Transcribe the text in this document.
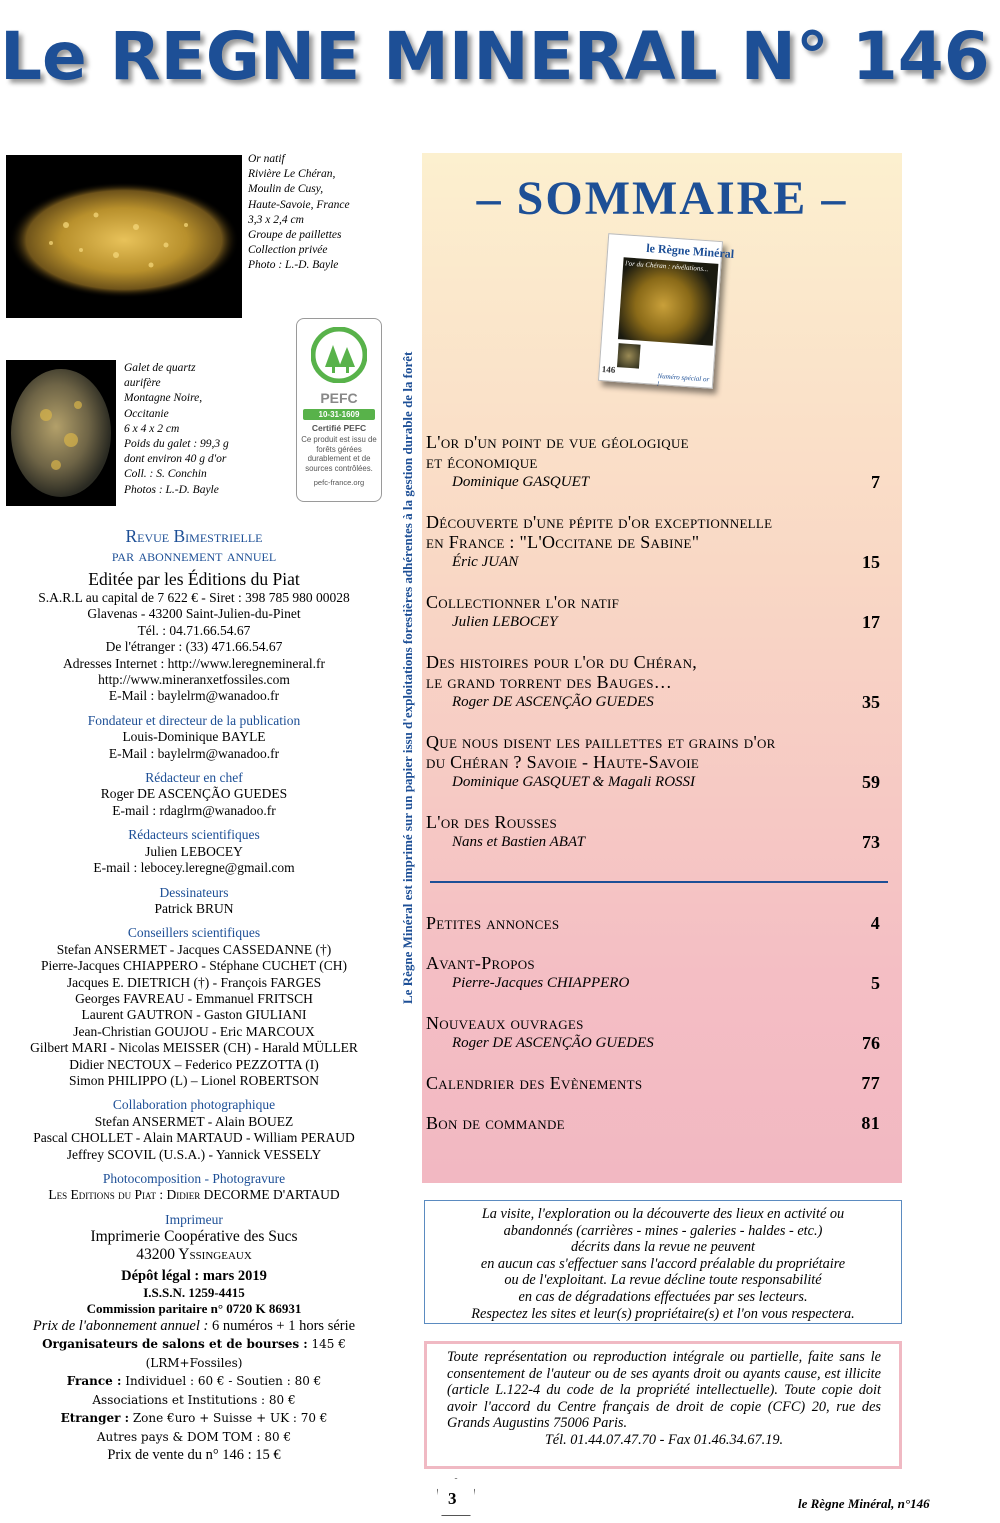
Le REGNE MINERAL N° 146
Or natif
Rivière Le Chéran,
Moulin de Cusy,
Haute-Savoie, France
3,3 x 2,4 cm
Groupe de paillettes
Collection privée
Photo : L.-D. Bayle
Galet de quartz
aurifère
Montagne Noire,
Occitanie
6 x 4 x 2 cm
Poids du galet : 99,3 g
dont environ 40 g d'or
Coll. : S. Conchin
Photos : L.-D. Bayle
PEFC
10-31-1609
Certifié PEFC
Ce produit est issu de forêts gérées durablement et de sources contrôlées.
pefc-france.org	Le Règne Minéral est imprimé sur un papier issu d'exploitations forestières adhérentes à la gestion durable de la forêt
Revue Bimestrielle
par abonnement annuel
Editée par les Éditions du Piat
S.A.R.L au capital de 7 622 € - Siret : 398 785 980 00028
Glavenas - 43200 Saint-Julien-du-Pinet
Tél. : 04.71.66.54.67
De l'étranger : (33) 471.66.54.67
Adresses Internet : http://www.leregnemineral.fr
http://www.mineranxetfossiles.com
E-Mail : baylelrm@wanadoo.fr
Fondateur et directeur de la publication
Louis-Dominique BAYLE
E-Mail : baylelrm@wanadoo.fr
Rédacteur en chef
Roger DE ASCENÇÃO GUEDES
E-mail : rdaglrm@wanadoo.fr
Rédacteurs scientifiques
Julien LEBOCEY
E-mail : lebocey.leregne@gmail.com
Dessinateurs
Patrick BRUN
Conseillers scientifiques
Stefan ANSERMET - Jacques CASSEDANNE (†)
Pierre-Jacques CHIAPPERO - Stéphane CUCHET (CH)
Jacques E. DIETRICH (†) - François FARGES
Georges FAVREAU - Emmanuel FRITSCH
Laurent GAUTRON - Gaston GIULIANI
Jean-Christian GOUJOU - Eric MARCOUX
Gilbert MARI - Nicolas MEISSER (CH) - Harald MÜLLER
Didier NECTOUX – Federico PEZZOTTA (I)
Simon PHILIPPO (L) – Lionel ROBERTSON
Collaboration photographique
Stefan ANSERMET - Alain BOUEZ
Pascal CHOLLET - Alain MARTAUD - William PERAUD
Jeffrey SCOVIL (U.S.A.) - Yannick VESSELY
Photocomposition - Photogravure
Les Editions du Piat : Didier DECORME D'ARTAUD
Imprimeur
Imprimerie Coopérative des Sucs
43200 Yssingeaux
Dépôt légal : mars 2019
I.S.S.N. 1259-4415
Commission paritaire n° 0720 K 86931
Prix de l'abonnement annuel : 6 numéros + 1 hors série
Organisateurs de salons et de bourses : 145 € (LRM+Fossiles)
France : Individuel : 60 € - Soutien : 80 €
Associations et Institutions : 80 €
Etranger : Zone €uro + Suisse + UK : 70 €
Autres pays & DOM TOM : 80 €
Prix de vente du n° 146 : 15 €
– SOMMAIRE –
le Règne Minéral
l'or du Chéran : révélations...
146
Numéro spécial or !
L'or d'un point de vue géologique
et économique
Dominique GASQUET	7
Découverte d'une pépite d'or exceptionnelle
en France : "L'Occitane de Sabine"
Éric JUAN	15
Collectionner l'or natif
Julien LEBOCEY	17
Des histoires pour l'or du Chéran,
le grand torrent des Bauges…
Roger DE ASCENÇÃO GUEDES	35
Que nous disent les paillettes et grains d'or
du Chéran ? Savoie - Haute-Savoie
Dominique GASQUET & Magali ROSSI	59
L'or des Rousses
Nans et Bastien ABAT	73
Petites annonces	4
Avant-Propos
Pierre-Jacques CHIAPPERO	5
Nouveaux ouvrages
Roger DE ASCENÇÃO GUEDES	76
Calendrier des Evènements	77
Bon de commande	81
La visite, l'exploration ou la découverte des lieux en activité ou
abandonnés (carrières - mines - galeries - haldes - etc.)
décrits dans la revue ne peuvent
en aucun cas s'effectuer sans l'accord préalable du propriétaire
ou de l'exploitant. La revue décline toute responsabilité
en cas de dégradations effectuées par ses lecteurs.
Respectez les sites et leur(s) propriétaire(s) et l'on vous respectera.
Toute représentation ou reproduction intégrale ou partielle, faite sans le consentement de l'auteur ou de ses ayants droit ou ayants cause, est illicite (article L.122-4 du code de la propriété intellectuelle). Toute copie doit avoir l'accord du Centre français de droit de copie (CFC) 20, rue des Grands Augustins 75006 Paris.
Tél. 01.44.07.47.70 - Fax 01.46.34.67.19.
3	le Règne Minéral, n°146
